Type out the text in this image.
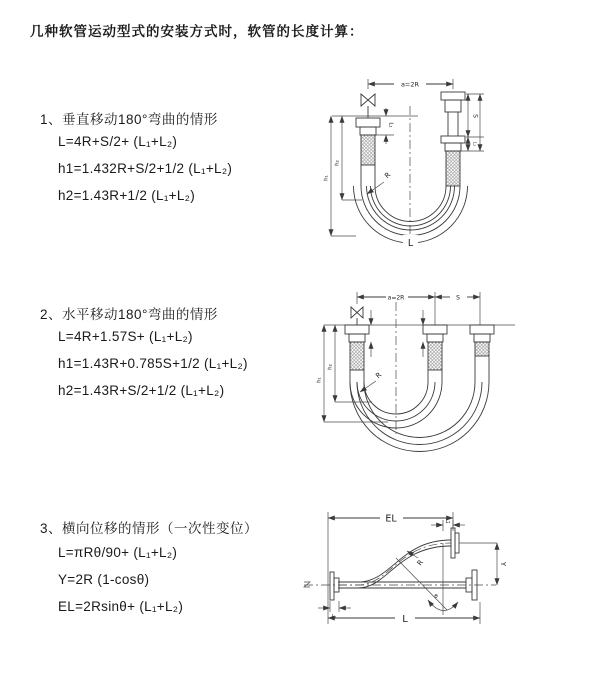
几种软管运动型式的安装方式时，软管的长度计算：
1、垂直移动180°弯曲的情形
L=4R+S/2+ (L₁+L₂)
h1=1.432R+S/2+1/2 (L₁+L₂)
h2=1.43R+1/2 (L₁+L₂)
2、水平移动180°弯曲的情形
L=4R+1.57S+ (L₁+L₂)
h1=1.43R+0.785S+1/2 (L₁+L₂)
h2=1.43R+S/2+1/2 (L₁+L₂)
3、横向位移的情形（一次性变位）
L=πRθ/90+ (L₁+L₂)
Y=2R (1-cosθ)
EL=2Rsinθ+ (L₁+L₂)
a=2R
L₁
S
L₂
L
h₁
h₂
R
a=2R	S
h₁
h₂
R
EL	L₁
Y
R
θ
L
L₁
